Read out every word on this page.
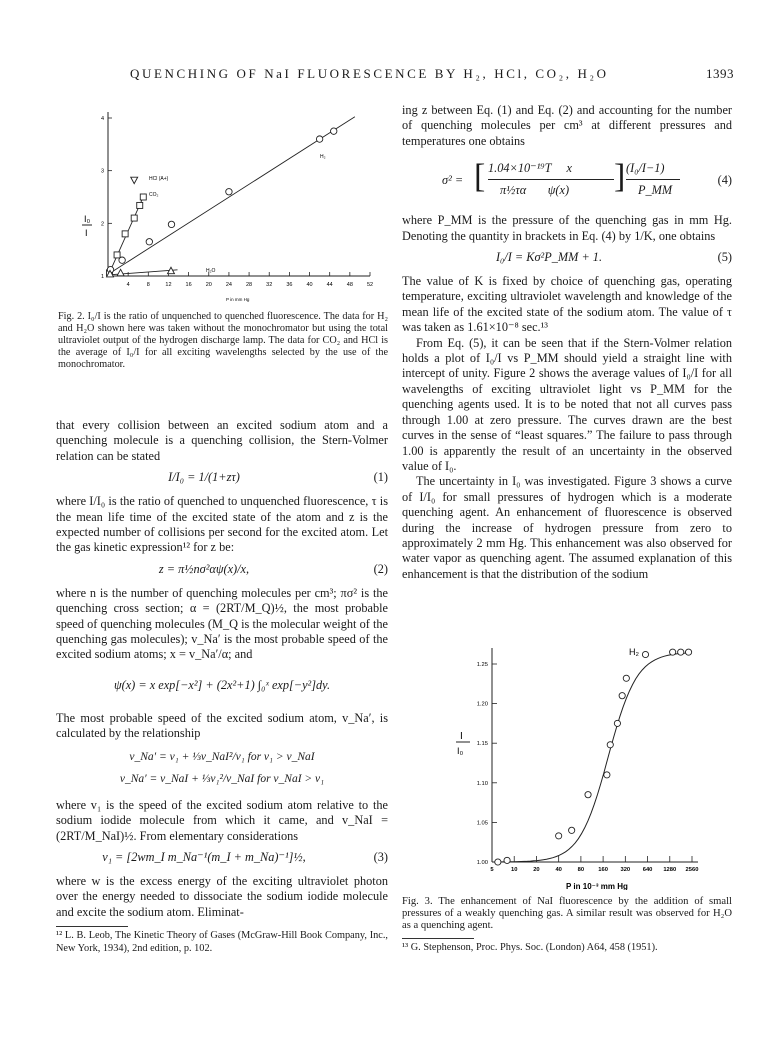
QUENCHING OF NaI FLUORESCENCE BY H₂, HCl, CO₂, H₂O	1393
I₀
I
4	8	12	16	20	24	28	32	36	40	44	48	52
1
2
3
4
HCl (A+)
CO₂
H₂
H₂O
P in mm Hg
Fig. 2. I₀/I is the ratio of unquenched to quenched fluorescence. The data for H₂ and H₂O shown here was taken without the monochromator but using the total ultraviolet output of the hydrogen discharge lamp. The data for CO₂ and HCl is the average of I₀/I for all exciting wavelengths selected by the use of the monochromator.

that every collision between an excited sodium atom and a quenching molecule is a quenching collision, the Stern-Volmer relation can be stated

I/I₀ = 1/(1+zτ)	(1)

where I/I₀ is the ratio of quenched to unquenched fluorescence, τ is the mean life time of the excited state of the atom and z is the expected number of collisions per second for the excited atom. Let the gas kinetic expression¹² for z be:

z = π½nσ²αψ(x)/x,	(2)

where n is the number of quenching molecules per cm³; πσ² is the quenching cross section; α = (2RT/M_Q)½, the most probable speed of quenching molecules (M_Q is the molecular weight of the quenching gas molecules); v_Na′ is the most probable speed of the excited sodium atoms; x = v_Na′/α; and

ψ(x) = x exp[−x²] + (2x²+1) ∫₀ˣ exp[−y²]dy.

The most probable speed of the excited sodium atom, v_Na′, is calculated by the relationship

v_Na′ = v₁ + ⅓v_NaI²/v₁ for v₁ > v_NaI
v_Na′ = v_NaI + ⅓v₁²/v_NaI for v_NaI > v₁

where v₁ is the speed of the excited sodium atom relative to the sodium iodide molecule from which it came, and v_NaI = (2RT/M_NaI)½. From elementary considerations

v₁ = [2wm_I m_Na⁻¹(m_I + m_Na)⁻¹]½,	(3)

where w is the excess energy of the exciting ultraviolet photon over the energy needed to dissociate the sodium iodide molecule and excite the sodium atom. Eliminat-

¹² L. B. Leob, The Kinetic Theory of Gases (McGraw-Hill Book Company, Inc., New York, 1934), 2nd edition, p. 102.

ing z between Eq. (1) and Eq. (2) and accounting for the number of quenching molecules per cm³ at different pressures and temperatures one obtains

σ² = [ 1.04×10⁻¹⁹T     x
π½τα       ψ(x) ] (I₀/I−1)
P_MM
(4)

where P_MM is the pressure of the quenching gas in mm Hg. Denoting the quantity in brackets in Eq. (4) by 1/K, one obtains

I₀/I = Kσ²P_MM + 1.	(5)

The value of K is fixed by choice of quenching gas, operating temperature, exciting ultraviolet wavelength and knowledge of the mean life of the excited state of the sodium atom. The value of τ was taken as 1.61×10⁻⁸ sec.¹³

From Eq. (5), it can be seen that if the Stern-Volmer relation holds a plot of I₀/I vs P_MM should yield a straight line with intercept of unity. Figure 2 shows the average values of I₀/I for all wavelengths of exciting ultraviolet light vs P_MM for the quenching agents used. It is to be noted that not all curves pass through 1.00 at zero pressure. The curves drawn are the best curves in the sense of “least squares.” The failure to pass through 1.00 is apparently the result of an uncertainty in the observed value of I₀.

The uncertainty in I₀ was investigated. Figure 3 shows a curve of I/I₀ for small pressures of hydrogen which is a moderate quenching agent. An enhancement of fluorescence is observed during the increase of hydrogen pressure from zero to approximately 2 mm Hg. This enhancement was also observed for water vapor as quenching agent. The assumed explanation of this enhancement is that the distribution of the sodium

I
I₀
5	10	20	40	80 160 320 640 1280 2560
1.00
1.05
1.10
1.15
1.20
1.25
H₂
P in 10⁻³ mm Hg
Fig. 3. The enhancement of NaI fluorescence by the addition of small pressures of a weakly quenching gas. A similar result was observed for H₂O as a quenching agent.
¹³ G. Stephenson, Proc. Phys. Soc. (London) A64, 458 (1951).
